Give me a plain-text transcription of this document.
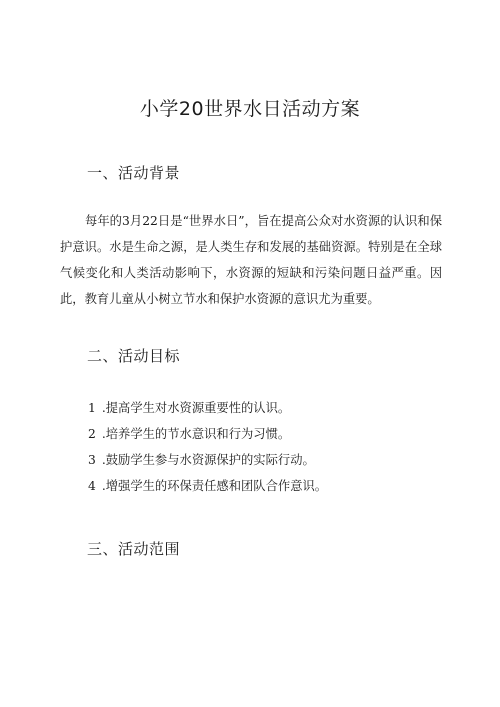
小学20世界水日活动方案
一、活动背景

每年的3月22日是“世界水日”，旨在提高公众对水资源的认识和保护意识。水是生命之源，是人类生存和发展的基础资源。特别是在全球气候变化和人类活动影响下，水资源的短缺和污染问题日益严重。因此，教育儿童从小树立节水和保护水资源的意识尤为重要。

二、活动目标
1 .提高学生对水资源重要性的认识。
2 .培养学生的节水意识和行为习惯。
3 .鼓励学生参与水资源保护的实际行动。
4 .增强学生的环保责任感和团队合作意识。
三、活动范围
